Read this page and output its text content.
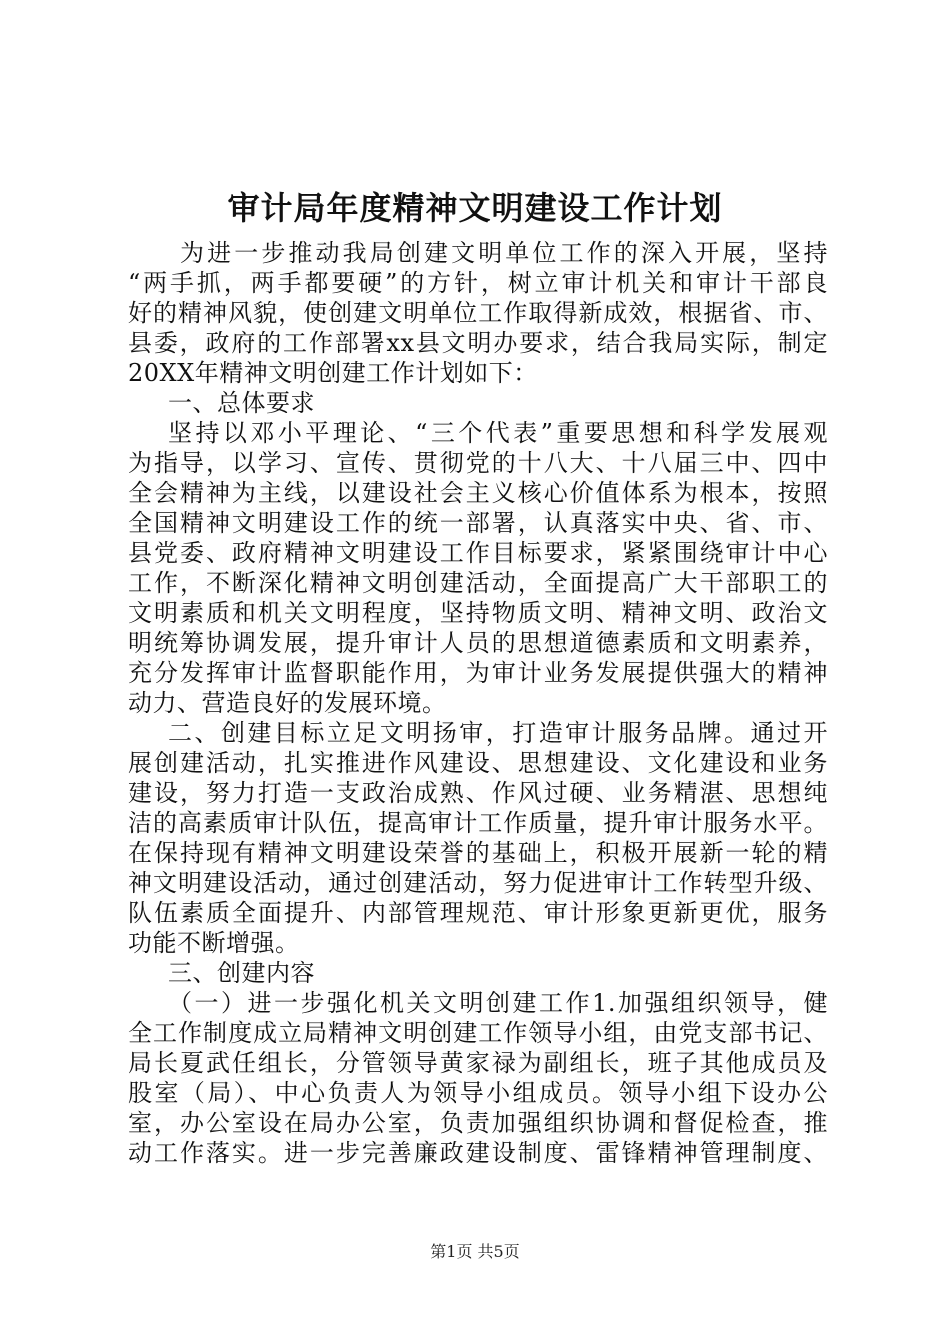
审计局年度精神文明建设工作计划
为进一步推动我局创建文明单位工作的深入开展，坚持
“两手抓，两手都要硬”的方针，树立审计机关和审计干部良
好的精神风貌，使创建文明单位工作取得新成效，根据省、市、
县委，政府的工作部署xx县文明办要求，结合我局实际，制定
20XX年精神文明创建工作计划如下：
一、总体要求
坚持以邓小平理论、“三个代表”重要思想和科学发展观
为指导，以学习、宣传、贯彻党的十八大、十八届三中、四中
全会精神为主线，以建设社会主义核心价值体系为根本，按照
全国精神文明建设工作的统一部署，认真落实中央、省、市、
县党委、政府精神文明建设工作目标要求，紧紧围绕审计中心
工作，不断深化精神文明创建活动，全面提高广大干部职工的
文明素质和机关文明程度，坚持物质文明、精神文明、政治文
明统筹协调发展，提升审计人员的思想道德素质和文明素养，
充分发挥审计监督职能作用，为审计业务发展提供强大的精神
动力、营造良好的发展环境。
二、创建目标立足文明扬审，打造审计服务品牌。通过开
展创建活动，扎实推进作风建设、思想建设、文化建设和业务
建设，努力打造一支政治成熟、作风过硬、业务精湛、思想纯
洁的高素质审计队伍，提高审计工作质量，提升审计服务水平。
在保持现有精神文明建设荣誉的基础上，积极开展新一轮的精
神文明建设活动，通过创建活动，努力促进审计工作转型升级、
队伍素质全面提升、内部管理规范、审计形象更新更优，服务
功能不断增强。
三、创建内容
（一）进一步强化机关文明创建工作1.加强组织领导，健
全工作制度成立局精神文明创建工作领导小组，由党支部书记、
局长夏武任组长，分管领导黄家禄为副组长，班子其他成员及
股室（局）、中心负责人为领导小组成员。领导小组下设办公
室，办公室设在局办公室，负责加强组织协调和督促检查，推
动工作落实。进一步完善廉政建设制度、雷锋精神管理制度、
第1页 共5页
